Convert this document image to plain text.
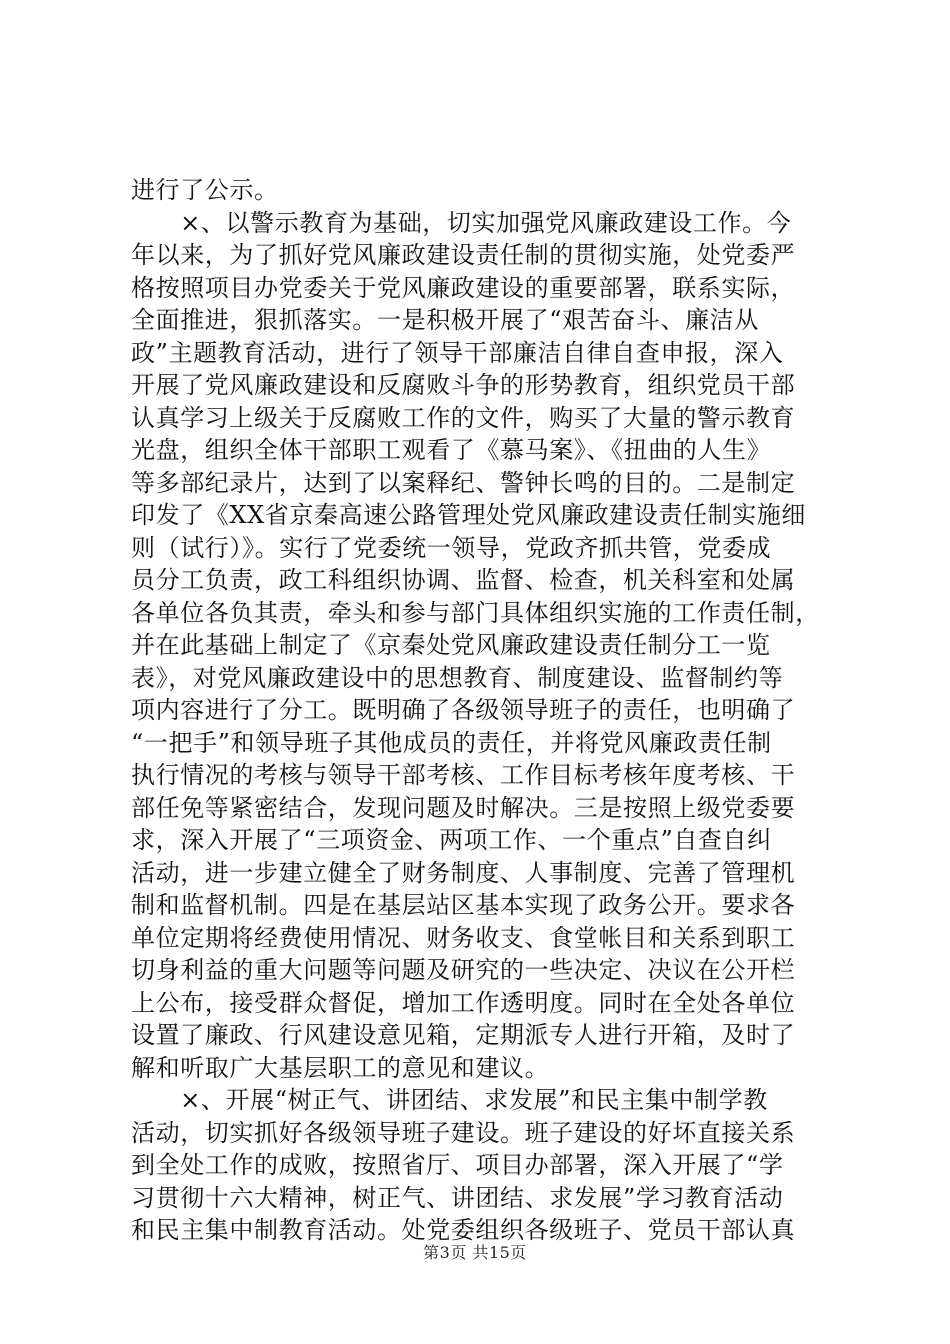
进行了公示。
　　×、以警示教育为基础，切实加强党风廉政建设工作。今
年以来，为了抓好党风廉政建设责任制的贯彻实施，处党委严
格按照项目办党委关于党风廉政建设的重要部署，联系实际，
全面推进，狠抓落实。一是积极开展了“艰苦奋斗、廉洁从
政”主题教育活动，进行了领导干部廉洁自律自查申报，深入
开展了党风廉政建设和反腐败斗争的形势教育，组织党员干部
认真学习上级关于反腐败工作的文件，购买了大量的警示教育
光盘，组织全体干部职工观看了《慕马案》、《扭曲的人生》
等多部纪录片，达到了以案释纪、警钟长鸣的目的。二是制定
印发了《XX省京秦高速公路管理处党风廉政建设责任制实施细
则（试行）》。实行了党委统一领导，党政齐抓共管，党委成
员分工负责，政工科组织协调、监督、检查，机关科室和处属
各单位各负其责，牵头和参与部门具体组织实施的工作责任制，
并在此基础上制定了《京秦处党风廉政建设责任制分工一览
表》，对党风廉政建设中的思想教育、制度建设、监督制约等
项内容进行了分工。既明确了各级领导班子的责任，也明确了
“一把手”和领导班子其他成员的责任，并将党风廉政责任制
执行情况的考核与领导干部考核、工作目标考核年度考核、干
部任免等紧密结合，发现问题及时解决。三是按照上级党委要
求，深入开展了“三项资金、两项工作、一个重点”自查自纠
活动，进一步建立健全了财务制度、人事制度、完善了管理机
制和监督机制。四是在基层站区基本实现了政务公开。要求各
单位定期将经费使用情况、财务收支、食堂帐目和关系到职工
切身利益的重大问题等问题及研究的一些决定、决议在公开栏
上公布，接受群众督促，增加工作透明度。同时在全处各单位
设置了廉政、行风建设意见箱，定期派专人进行开箱，及时了
解和听取广大基层职工的意见和建议。
　　×、开展“树正气、讲团结、求发展”和民主集中制学教
活动，切实抓好各级领导班子建设。班子建设的好坏直接关系
到全处工作的成败，按照省厅、项目办部署，深入开展了“学
习贯彻十六大精神，树正气、讲团结、求发展”学习教育活动
和民主集中制教育活动。处党委组织各级班子、党员干部认真
第3页 共15页
